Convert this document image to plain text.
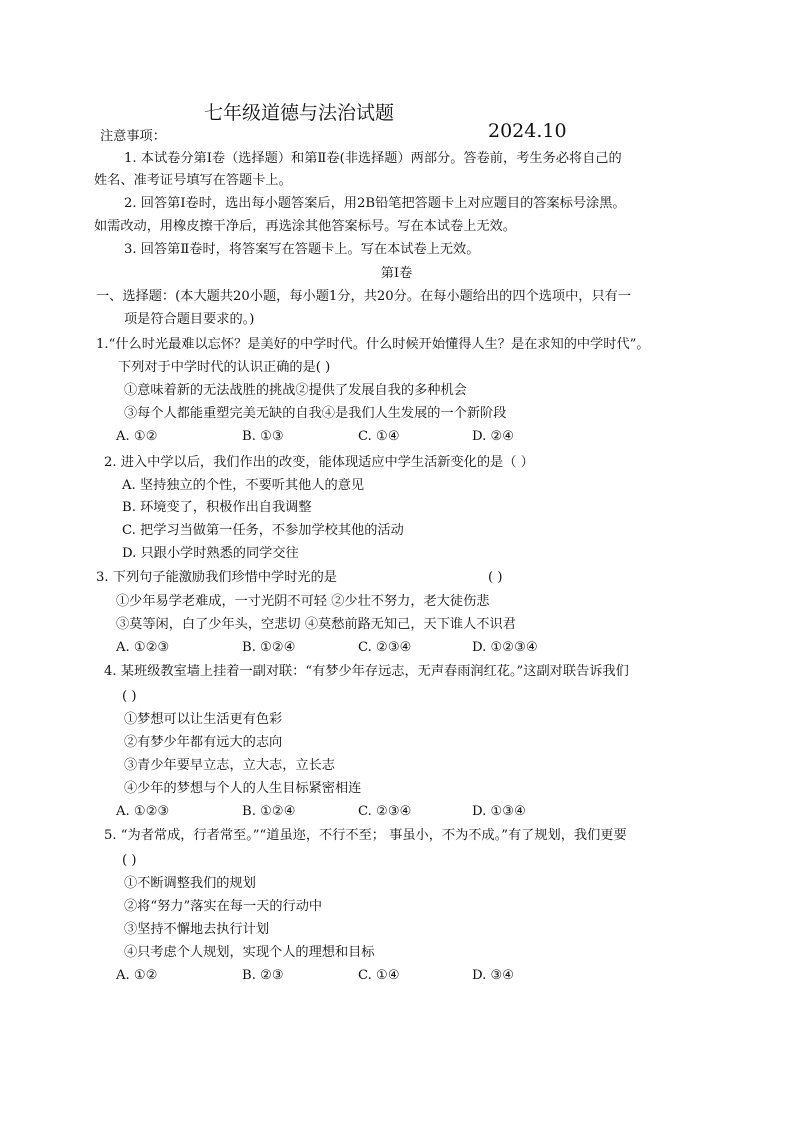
七年级道德与法治试题

2024.10

注意事项：
1. 本试卷分第Ⅰ卷（选择题）和第Ⅱ卷(非选择题）两部分。答卷前，考生务必将自己的
姓名、准考证号填写在答题卡上。
2. 回答第Ⅰ卷时，选出每小题答案后，用2B铅笔把答题卡上对应题目的答案标号涂黑。
如需改动，用橡皮擦干净后，再选涂其他答案标号。写在本试卷上无效。
3. 回答第Ⅱ卷时，将答案写在答题卡上。写在本试卷上无效。
第Ⅰ卷
一、选择题：(本大题共20小题，每小题1分，共20分。在每小题给出的四个选项中，只有一
项是符合题目要求的。)
1.“什么时光最难以忘怀？是美好的中学时代。什么时候开始懂得人生？是在求知的中学时代”。
下列对于中学时代的认识正确的是( )
①意味着新的无法战胜的挑战②提供了发展自我的多种机会
③每个人都能重塑完美无缺的自我④是我们人生发展的一个新阶段
A. ①②	B. ①③	C. ①④	D. ②④
2. 进入中学以后，我们作出的改变，能体现适应中学生活新变化的是（ ）
A. 坚持独立的个性，不要听其他人的意见
B. 环境变了，积极作出自我调整
C. 把学习当做第一任务，不参加学校其他的活动
D. 只跟小学时熟悉的同学交往
3. 下列句子能激励我们珍惜中学时光的是	( )
①少年易学老难成，一寸光阴不可轻 ②少壮不努力，老大徒伤悲
③莫等闲，白了少年头，空悲切 ④莫愁前路无知己，天下谁人不识君
A. ①②③	B. ①②④	C. ②③④	D. ①②③④
4. 某班级教室墙上挂着一副对联：“有梦少年存远志，无声春雨润红花。”这副对联告诉我们
( )
①梦想可以让生活更有色彩
②有梦少年都有远大的志向
③青少年要早立志，立大志，立长志
④少年的梦想与个人的人生目标紧密相连
A. ①②③	B. ①②④	C. ②③④	D. ①③④
5. “为者常成，行者常至。”“道虽迩，不行不至； 事虽小，不为不成。”有了规划，我们更要
( )
①不断调整我们的规划
②将“努力”落实在每一天的行动中
③坚持不懈地去执行计划
④只考虑个人规划，实现个人的理想和目标
A. ①②	B. ②③	C. ①④	D. ③④
